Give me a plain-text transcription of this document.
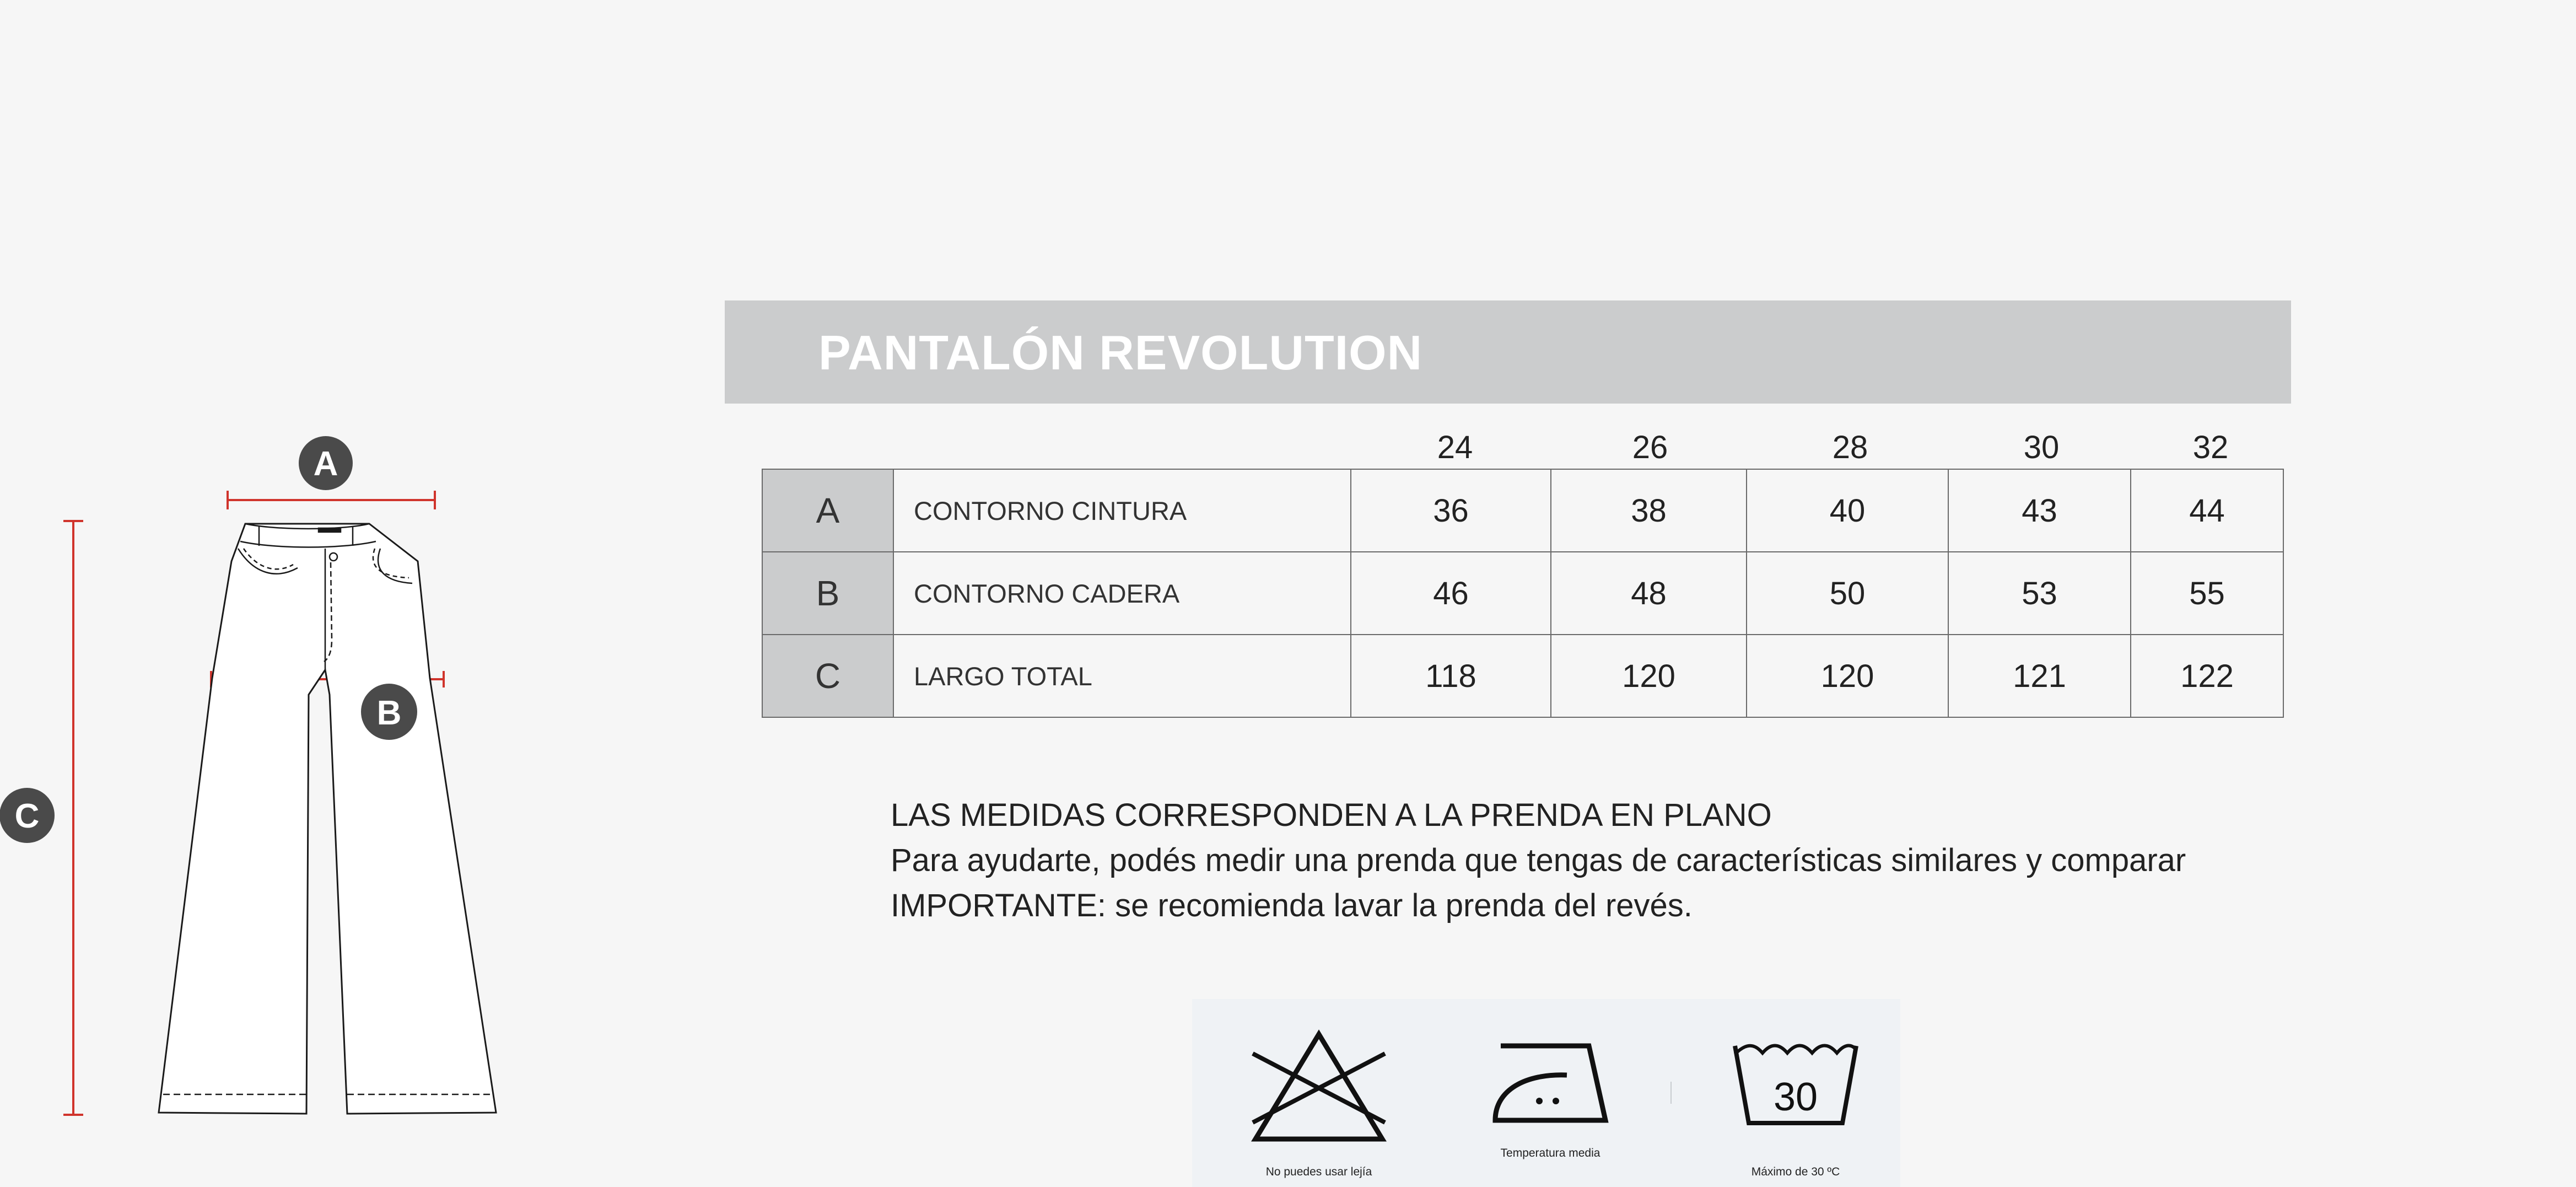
A
B
C
PANTALÓN REVOLUTION
24	26	28	30	32
A	CONTORNO CINTURA	36	38	40	43	44
B	CONTORNO CADERA	46	48	50	53	55
C	LARGO TOTAL	118	120	120	121	122
LAS MEDIDAS CORRESPONDEN A LA PRENDA EN PLANO
Para ayudarte, podés medir una prenda que tengas de características similares y comparar
IMPORTANTE: se recomienda lavar la prenda del revés.
No puedes usar lejía
Temperatura media
30
Máximo de 30 ºC
